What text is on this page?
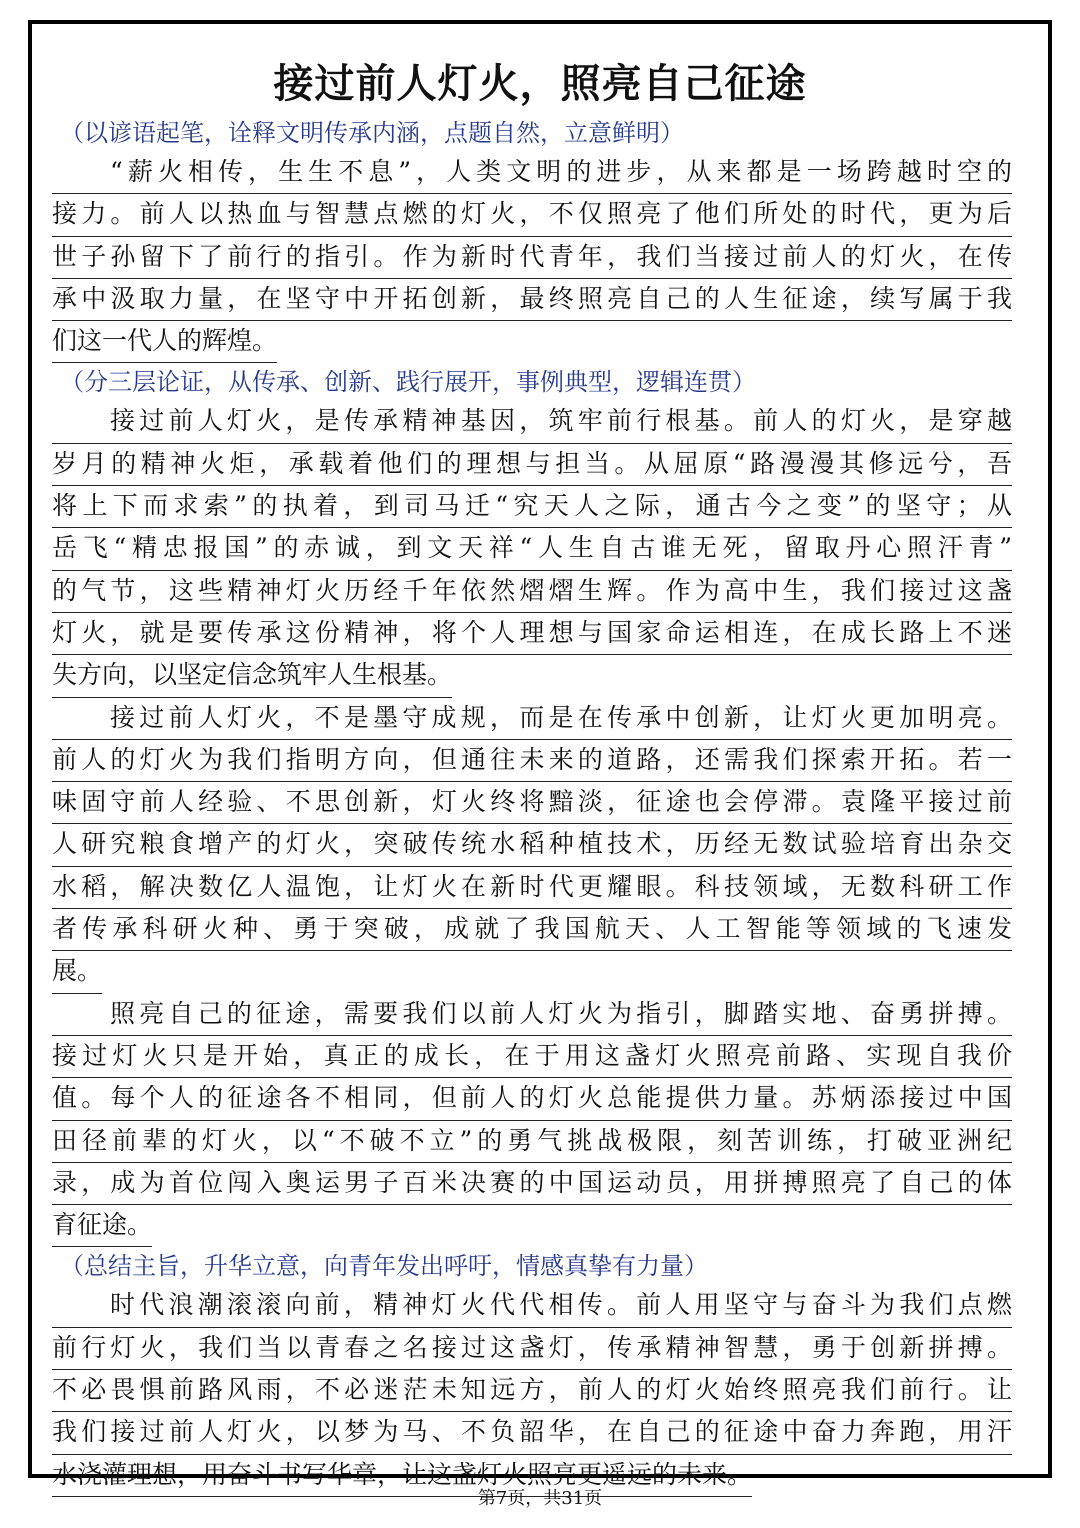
接过前人灯火，照亮自己征途
（以谚语起笔，诠释文明传承内涵，点题自然，立意鲜明）
“薪火相传，生生不息”，人类文明的进步，从来都是一场跨越时空的
接力。前人以热血与智慧点燃的灯火，不仅照亮了他们所处的时代，更为后
世子孙留下了前行的指引。作为新时代青年，我们当接过前人的灯火，在传
承中汲取力量，在坚守中开拓创新，最终照亮自己的人生征途，续写属于我
们这一代人的辉煌。
（分三层论证，从传承、创新、践行展开，事例典型，逻辑连贯）
接过前人灯火，是传承精神基因，筑牢前行根基。前人的灯火，是穿越
岁月的精神火炬，承载着他们的理想与担当。从屈原“路漫漫其修远兮，吾
将上下而求索”的执着，到司马迁“究天人之际，通古今之变”的坚守；从
岳飞“精忠报国”的赤诚，到文天祥“人生自古谁无死，留取丹心照汗青”
的气节，这些精神灯火历经千年依然熠熠生辉。作为高中生，我们接过这盏
灯火，就是要传承这份精神，将个人理想与国家命运相连，在成长路上不迷
失方向，以坚定信念筑牢人生根基。
接过前人灯火，不是墨守成规，而是在传承中创新，让灯火更加明亮。
前人的灯火为我们指明方向，但通往未来的道路，还需我们探索开拓。若一
味固守前人经验、不思创新，灯火终将黯淡，征途也会停滞。袁隆平接过前
人研究粮食增产的灯火，突破传统水稻种植技术，历经无数试验培育出杂交
水稻，解决数亿人温饱，让灯火在新时代更耀眼。科技领域，无数科研工作
者传承科研火种、勇于突破，成就了我国航天、人工智能等领域的飞速发
展。
照亮自己的征途，需要我们以前人灯火为指引，脚踏实地、奋勇拼搏。
接过灯火只是开始，真正的成长，在于用这盏灯火照亮前路、实现自我价
值。每个人的征途各不相同，但前人的灯火总能提供力量。苏炳添接过中国
田径前辈的灯火，以“不破不立”的勇气挑战极限，刻苦训练，打破亚洲纪
录，成为首位闯入奥运男子百米决赛的中国运动员，用拼搏照亮了自己的体
育征途。
（总结主旨，升华立意，向青年发出呼吁，情感真挚有力量）
时代浪潮滚滚向前，精神灯火代代相传。前人用坚守与奋斗为我们点燃
前行灯火，我们当以青春之名接过这盏灯，传承精神智慧，勇于创新拼搏。
不必畏惧前路风雨，不必迷茫未知远方，前人的灯火始终照亮我们前行。让
我们接过前人灯火，以梦为马、不负韶华，在自己的征途中奋力奔跑，用汗
水浇灌理想，用奋斗书写华章，让这盏灯火照亮更遥远的未来。
第7页，共31页
